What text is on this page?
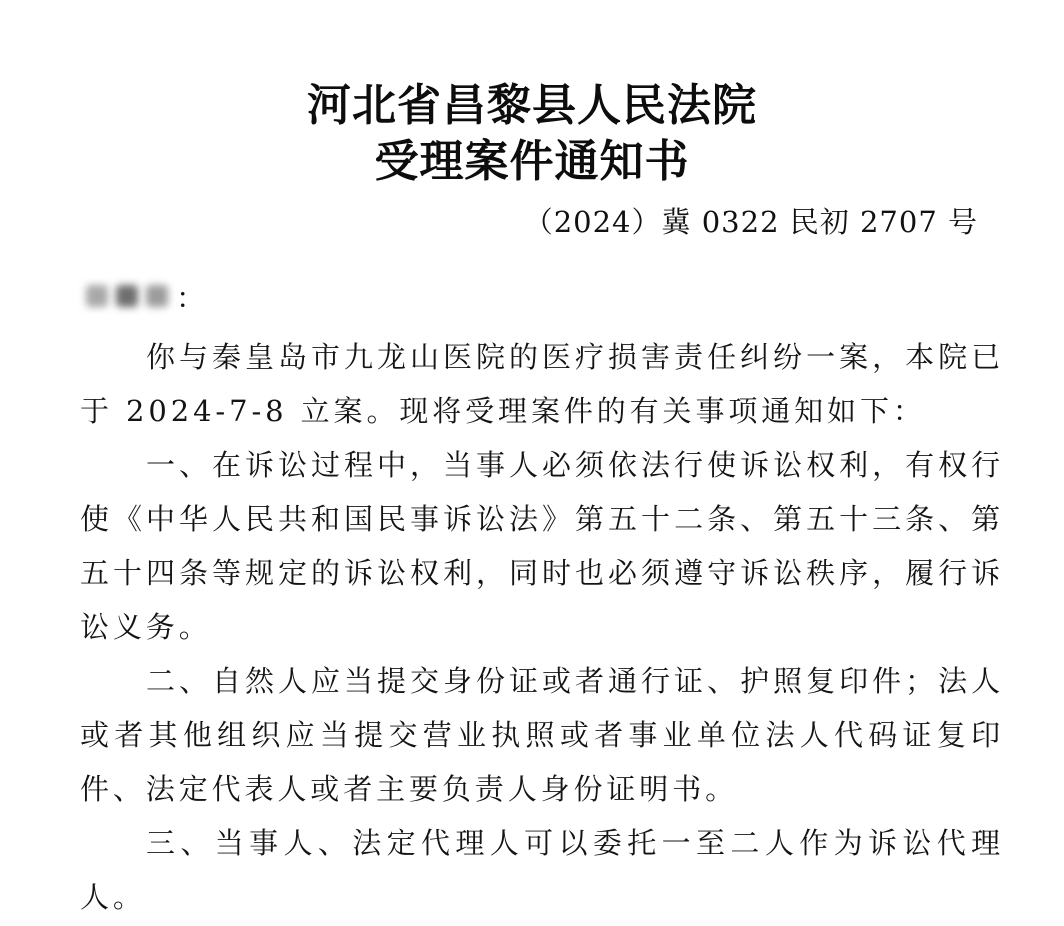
河北省昌黎县人民法院
受理案件通知书
（2024）冀 0322 民初 2707 号
：

你与秦皇岛市九龙山医院的医疗损害责任纠纷一案，本院已于 2024-7-8 立案。现将受理案件的有关事项通知如下：

一、在诉讼过程中，当事人必须依法行使诉讼权利，有权行使《中华人民共和国民事诉讼法》第五十二条、第五十三条、第五十四条等规定的诉讼权利，同时也必须遵守诉讼秩序，履行诉讼义务。

二、自然人应当提交身份证或者通行证、护照复印件；法人或者其他组织应当提交营业执照或者事业单位法人代码证复印件、法定代表人或者主要负责人身份证明书。

三、当事人、法定代理人可以委托一至二人作为诉讼代理人。
